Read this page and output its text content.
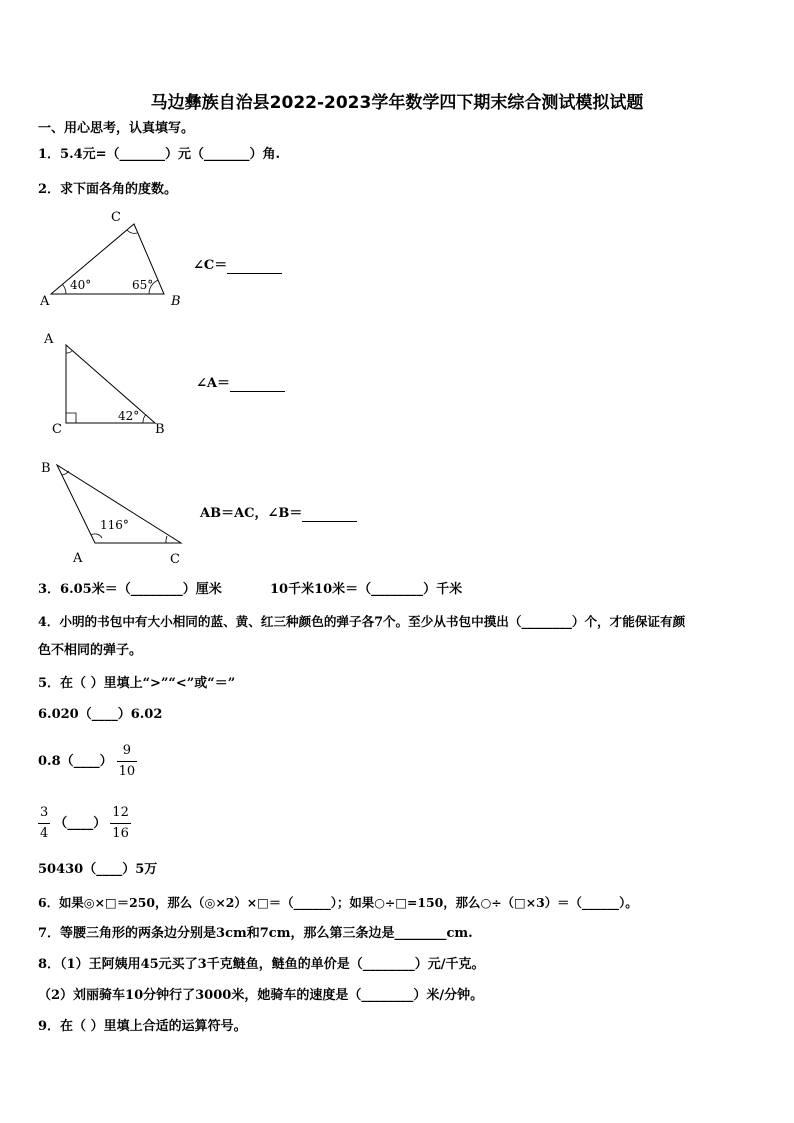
马边彝族自治县2022-2023学年数学四下期末综合测试模拟试题
一、用心思考，认真填写。
1．5.4元=（_______）元（_______）角.
2．求下面各角的度数。
C
A	B
40°	65°
∠C＝
A
C	B
42°
∠A＝
B
A	C
116°
AB＝AC，∠B＝
3．6.05米＝（________）厘米	10千米10米＝（________）千米
4．小明的书包中有大小相同的蓝、黄、红三种颜色的弹子各7个。至少从书包中摸出（________）个，才能保证有颜
色不相同的弹子。
5．在（ ）里填上“>”“<”或“＝”
6.020（____）6.02
0.8（____） $\frac{9}{10}$
$\frac{3}{4}$ （____） $\frac{12}{16}$
50430（____）5万
6．如果◎×□＝250，那么（◎×2）×□＝（______）；如果○÷□=150，那么○÷（□×3）＝（______）。
7．等腰三角形的两条边分别是3cm和7cm，那么第三条边是________cm.
8．（1）王阿姨用45元买了3千克鲢鱼，鲢鱼的单价是（________）元/千克。
（2）刘丽骑车10分钟行了3000米，她骑车的速度是（________）米/分钟。
9．在（ ）里填上合适的运算符号。
